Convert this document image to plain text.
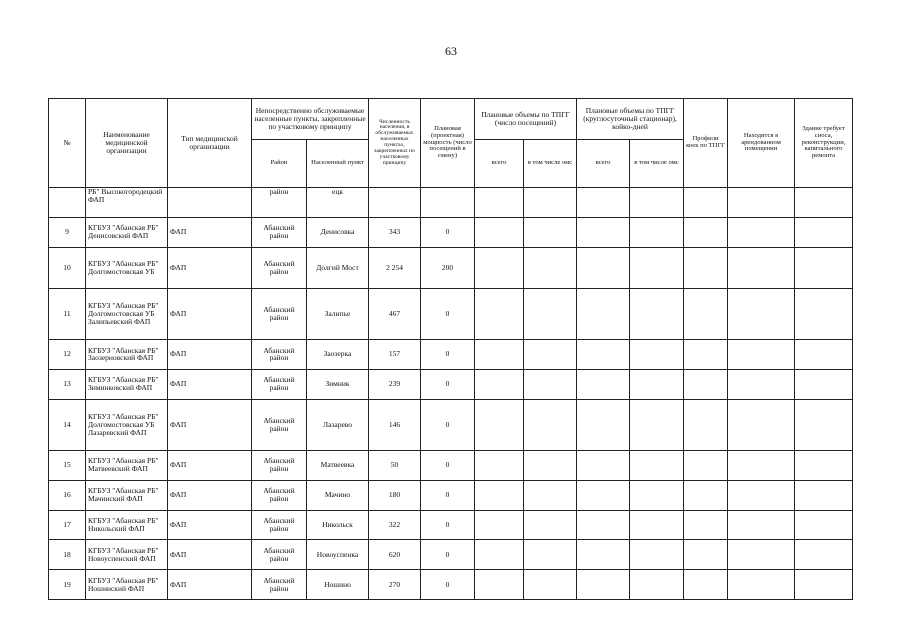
63
№	Наименование медицинской организации	Тип медицинской организации	Непосредственно обслуживаемые населенные пункты, закрепленные по участковому принципу		Численность населения, в обслуживаемых населенных пунктах, закрепленных по участковому принципу	Плановая (проектная) мощность (число посещений в смену)	Плановые объемы по ТПГГ (число посещений)		Плановые объемы по ТПГГ (круглосуточный стационар), койко-дней		Профили коек по ТПГГ	Находится в арендованном помещении	Здание требует сноса, реконструкции, капитального ремонта
			Район	Населенный пункт			всего	в том числе омс	всего	в том числе омс			
	РБ" Высокогородецкий ФАП		район	ецк									
9	КГБУЗ "Абанская РБ" Денисовский ФАП	ФАП	Абанский район	Денисовка	343	0							
10	КГБУЗ "Абанская РБ" Долгомостовская УБ	ФАП	Абанский район	Долгий Мост	2 254	200							
11	КГБУЗ "Абанская РБ" Долгомостовская УБ Залипьевский ФАП	ФАП	Абанский район	Залипье	467	0							
12	КГБУЗ "Абанская РБ" Заозерновский ФАП	ФАП	Абанский район	Заозерка	157	0							
13	КГБУЗ "Абанская РБ" Зиминковский ФАП	ФАП	Абанский район	Зимник	239	0							
14	КГБУЗ "Абанская РБ" Долгомостовская УБ Лазаревский ФАП	ФАП	Абанский район	Лазарево	146	0							
15	КГБУЗ "Абанская РБ" Матвеевский ФАП	ФАП	Абанский район	Матвеевка	50	0							
16	КГБУЗ "Абанская РБ" Мачинский ФАП	ФАП	Абанский район	Мачино	180	0							
17	КГБУЗ "Абанская РБ" Никольский ФАП	ФАП	Абанский район	Никольск	322	0							
18	КГБУЗ "Абанская РБ" Новоуспенский ФАП	ФАП	Абанский район	Новоуспенка	620	0							
19	КГБУЗ "Абанская РБ" Ношинский ФАП	ФАП	Абанский район	Ношино	270	0							
